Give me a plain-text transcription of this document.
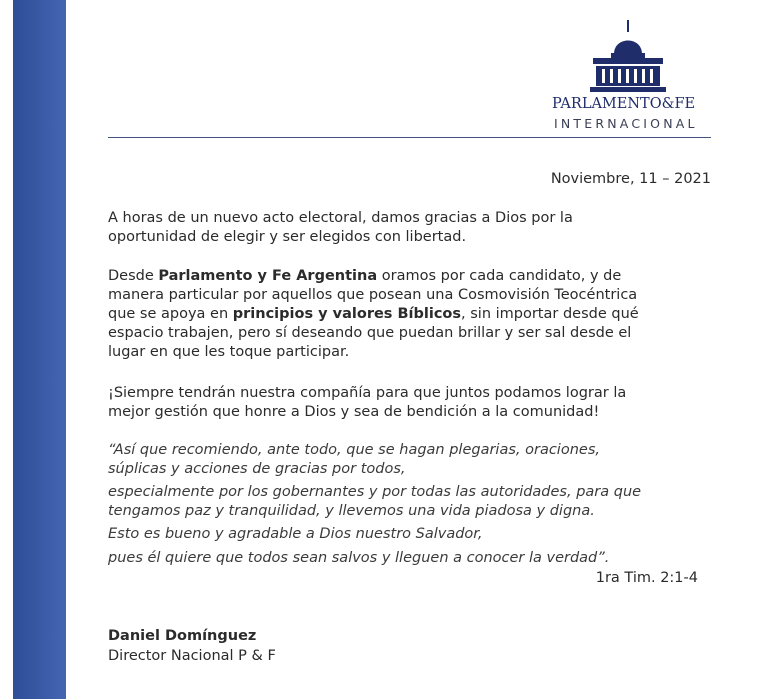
PARLAMENTO&FE
INTERNACIONAL
Noviembre, 11 – 2021
A horas de un nuevo acto electoral, damos gracias a Dios por la
oportunidad de elegir y ser elegidos con libertad.
Desde Parlamento y Fe Argentina oramos por cada candidato, y de
manera particular por aquellos que posean una Cosmovisión Teocéntrica
que se apoya en principios y valores Bíblicos, sin importar desde qué
espacio trabajen, pero sí deseando que puedan brillar y ser sal desde el
lugar en que les toque participar.
¡Siempre tendrán nuestra compañía para que juntos podamos lograr la
mejor gestión que honre a Dios y sea de bendición a la comunidad!
“Así que recomiendo, ante todo, que se hagan plegarias, oraciones,
súplicas y acciones de gracias por todos,
especialmente por los gobernantes y por todas las autoridades, para que
tengamos paz y tranquilidad, y llevemos una vida piadosa y digna.
Esto es bueno y agradable a Dios nuestro Salvador,
pues él quiere que todos sean salvos y lleguen a conocer la verdad”.
1ra Tim. 2:1-4
Daniel Domínguez
Director Nacional P & F
